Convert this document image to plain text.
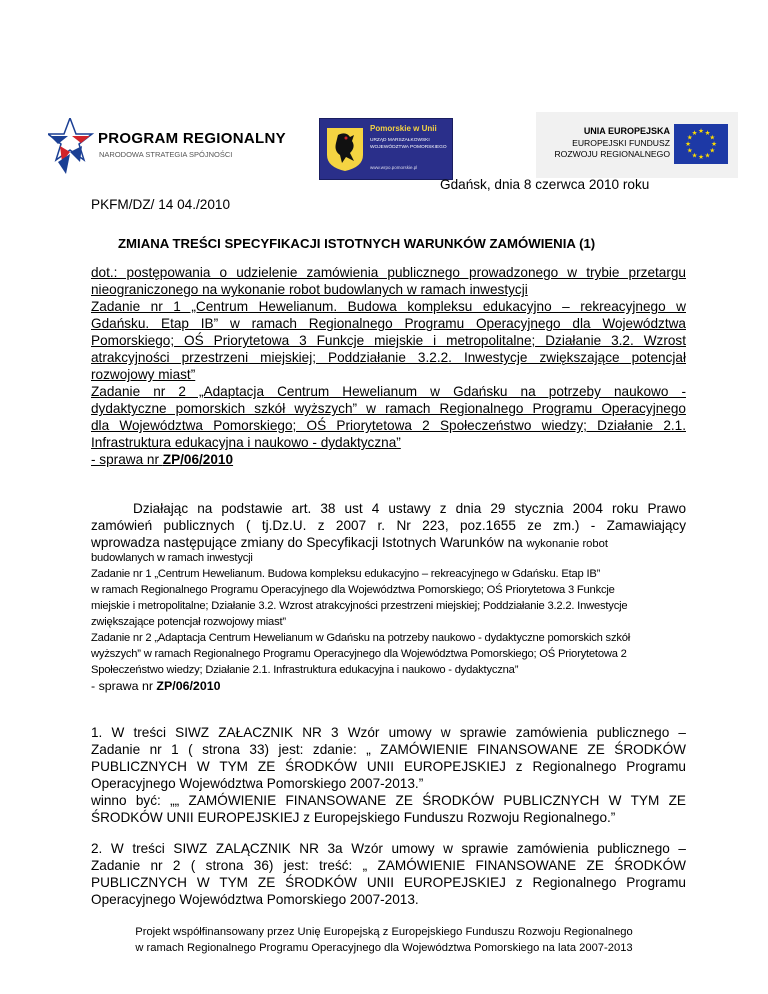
PROGRAM REGIONALNY
NARODOWA STRATEGIA SPÓJNOŚCI
Pomorskie w Unii
URZĄD MARSZAŁKOWSKI
WOJEWÓDZTWA POMORSKIEGO
www.wrpo.pomorskie.pl
UNIA EUROPEJSKA
EUROPEJSKI FUNDUSZ
ROZWOJU REGIONALNEGO
★ ★
★
★
★
★
★
★
★
★
★
★
Gdańsk, dnia 8 czerwca 2010 roku
PKFM/DZ/ 14 04./2010
ZMIANA TREŚCI SPECYFIKACJI ISTOTNYCH WARUNKÓW ZAMÓWIENIA (1)
dot.: postępowania o udzielenie zamówienia publicznego prowadzonego w trybie przetargu
nieograniczonego na wykonanie robot budowlanych w ramach inwestycji
Zadanie nr 1 „Centrum Hewelianum. Budowa kompleksu edukacyjno – rekreacyjnego w
Gdańsku. Etap IB” w ramach Regionalnego Programu Operacyjnego dla Województwa
Pomorskiego; OŚ Priorytetowa 3 Funkcje miejskie i metropolitalne; Działanie 3.2. Wzrost
atrakcyjności przestrzeni miejskiej; Poddziałanie 3.2.2. Inwestycje zwiększające potencjał
rozwojowy miast”
Zadanie nr 2 „Adaptacja Centrum Hewelianum w Gdańsku na potrzeby naukowo -
dydaktyczne pomorskich szkół wyższych” w ramach Regionalnego Programu Operacyjnego
dla Województwa Pomorskiego; OŚ Priorytetowa 2 Społeczeństwo wiedzy; Działanie 2.1.
Infrastruktura edukacyjna i naukowo - dydaktyczna”
- sprawa nr ZP/06/2010
Działając na podstawie art. 38 ust 4 ustawy z dnia 29 stycznia 2004 roku Prawo
zamówień publicznych ( tj.Dz.U. z 2007 r. Nr 223, poz.1655 ze zm.) - Zamawiający
wprowadza następujące zmiany do Specyfikacji Istotnych Warunków na wykonanie robot
budowlanych w ramach inwestycji
Zadanie nr 1 „Centrum Hewelianum. Budowa kompleksu edukacyjno – rekreacyjnego w Gdańsku. Etap IB”
w ramach Regionalnego Programu Operacyjnego dla Województwa Pomorskiego; OŚ Priorytetowa 3 Funkcje
miejskie i metropolitalne; Działanie 3.2. Wzrost atrakcyjności przestrzeni miejskiej; Poddziałanie 3.2.2. Inwestycje
zwiększające potencjał rozwojowy miast”
Zadanie nr 2 „Adaptacja Centrum Hewelianum w Gdańsku na potrzeby naukowo - dydaktyczne pomorskich szkół
wyższych” w ramach Regionalnego Programu Operacyjnego dla Województwa Pomorskiego; OŚ Priorytetowa 2
Społeczeństwo wiedzy; Działanie 2.1. Infrastruktura edukacyjna i naukowo - dydaktyczna”
- sprawa nr ZP/06/2010
1. W treści SIWZ ZAŁACZNIK NR 3 Wzór umowy w sprawie zamówienia publicznego –
Zadanie nr 1 ( strona 33) jest: zdanie: „ ZAMÓWIENIE FINANSOWANE ZE ŚRODKÓW
PUBLICZNYCH W TYM ZE ŚRODKÓW UNII EUROPEJSKIEJ z Regionalnego Programu
Operacyjnego Województwa Pomorskiego 2007-2013.”
winno być: „„ ZAMÓWIENIE FINANSOWANE ZE ŚRODKÓW PUBLICZNYCH W TYM ZE
ŚRODKÓW UNII EUROPEJSKIEJ z Europejskiego Funduszu Rozwoju Regionalnego.”
2. W treści SIWZ ZALĄCZNIK NR 3a Wzór umowy w sprawie zamówienia publicznego –
Zadanie nr 2 ( strona 36) jest: treść: „ ZAMÓWIENIE FINANSOWANE ZE ŚRODKÓW
PUBLICZNYCH W TYM ZE ŚRODKÓW UNII EUROPEJSKIEJ z Regionalnego Programu
Operacyjnego Województwa Pomorskiego 2007-2013.
Projekt współfinansowany przez Unię Europejską z Europejskiego Funduszu Rozwoju Regionalnego
w ramach Regionalnego Programu Operacyjnego dla Województwa Pomorskiego na lata 2007-2013
